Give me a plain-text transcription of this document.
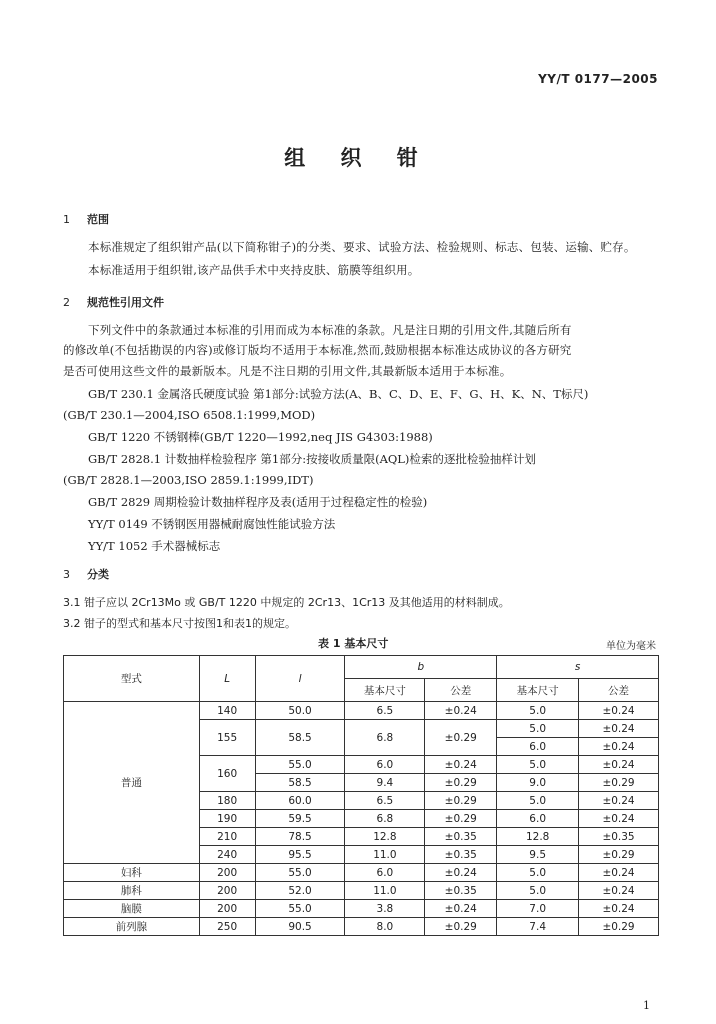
YY/T 0177—2005
组 织 钳
1 范围
本标准规定了组织钳产品(以下简称钳子)的分类、要求、试验方法、检验规则、标志、包装、运输、贮存。
本标准适用于组织钳,该产品供手术中夹持皮肤、筋膜等组织用。
2 规范性引用文件
下列文件中的条款通过本标准的引用而成为本标准的条款。凡是注日期的引用文件,其随后所有
的修改单(不包括勘误的内容)或修订版均不适用于本标准,然而,鼓励根据本标准达成协议的各方研究
是否可使用这些文件的最新版本。凡是不注日期的引用文件,其最新版本适用于本标准。
GB/T 230.1 金属洛氏硬度试验 第1部分:试验方法(A、B、C、D、E、F、G、H、K、N、T标尺)
(GB/T 230.1—2004,ISO 6508.1:1999,MOD)
GB/T 1220 不锈钢棒(GB/T 1220—1992,neq JIS G4303:1988)
GB/T 2828.1 计数抽样检验程序 第1部分:按接收质量限(AQL)检索的逐批检验抽样计划
(GB/T 2828.1—2003,ISO 2859.1:1999,IDT)
GB/T 2829 周期检验计数抽样程序及表(适用于过程稳定性的检验)
YY/T 0149 不锈钢医用器械耐腐蚀性能试验方法
YY/T 1052 手术器械标志
3 分类
3.1 钳子应以 2Cr13Mo 或 GB/T 1220 中规定的 2Cr13、1Cr13 及其他适用的材料制成。
3.2 钳子的型式和基本尺寸按图1和表1的规定。
表 1 基本尺寸	单位为毫米
型式	L	l	b		s	
			基本尺寸	公差	基本尺寸	公差
普通	140	50.0	6.5	±0.24	5.0	±0.24
	155	58.5	6.8	±0.29	5.0	±0.24
					6.0	±0.24
	160	55.0	6.0	±0.24	5.0	±0.24
		58.5	9.4	±0.29	9.0	±0.29
	180	60.0	6.5	±0.29	5.0	±0.24
	190	59.5	6.8	±0.29	6.0	±0.24
	210	78.5	12.8	±0.35	12.8	±0.35
	240	95.5	11.0	±0.35	9.5	±0.29
妇科	200	55.0	6.0	±0.24	5.0	±0.24
肺科	200	52.0	11.0	±0.35	5.0	±0.24
脑膜	200	55.0	3.8	±0.24	7.0	±0.24
前列腺	250	90.5	8.0	±0.29	7.4	±0.29
1
